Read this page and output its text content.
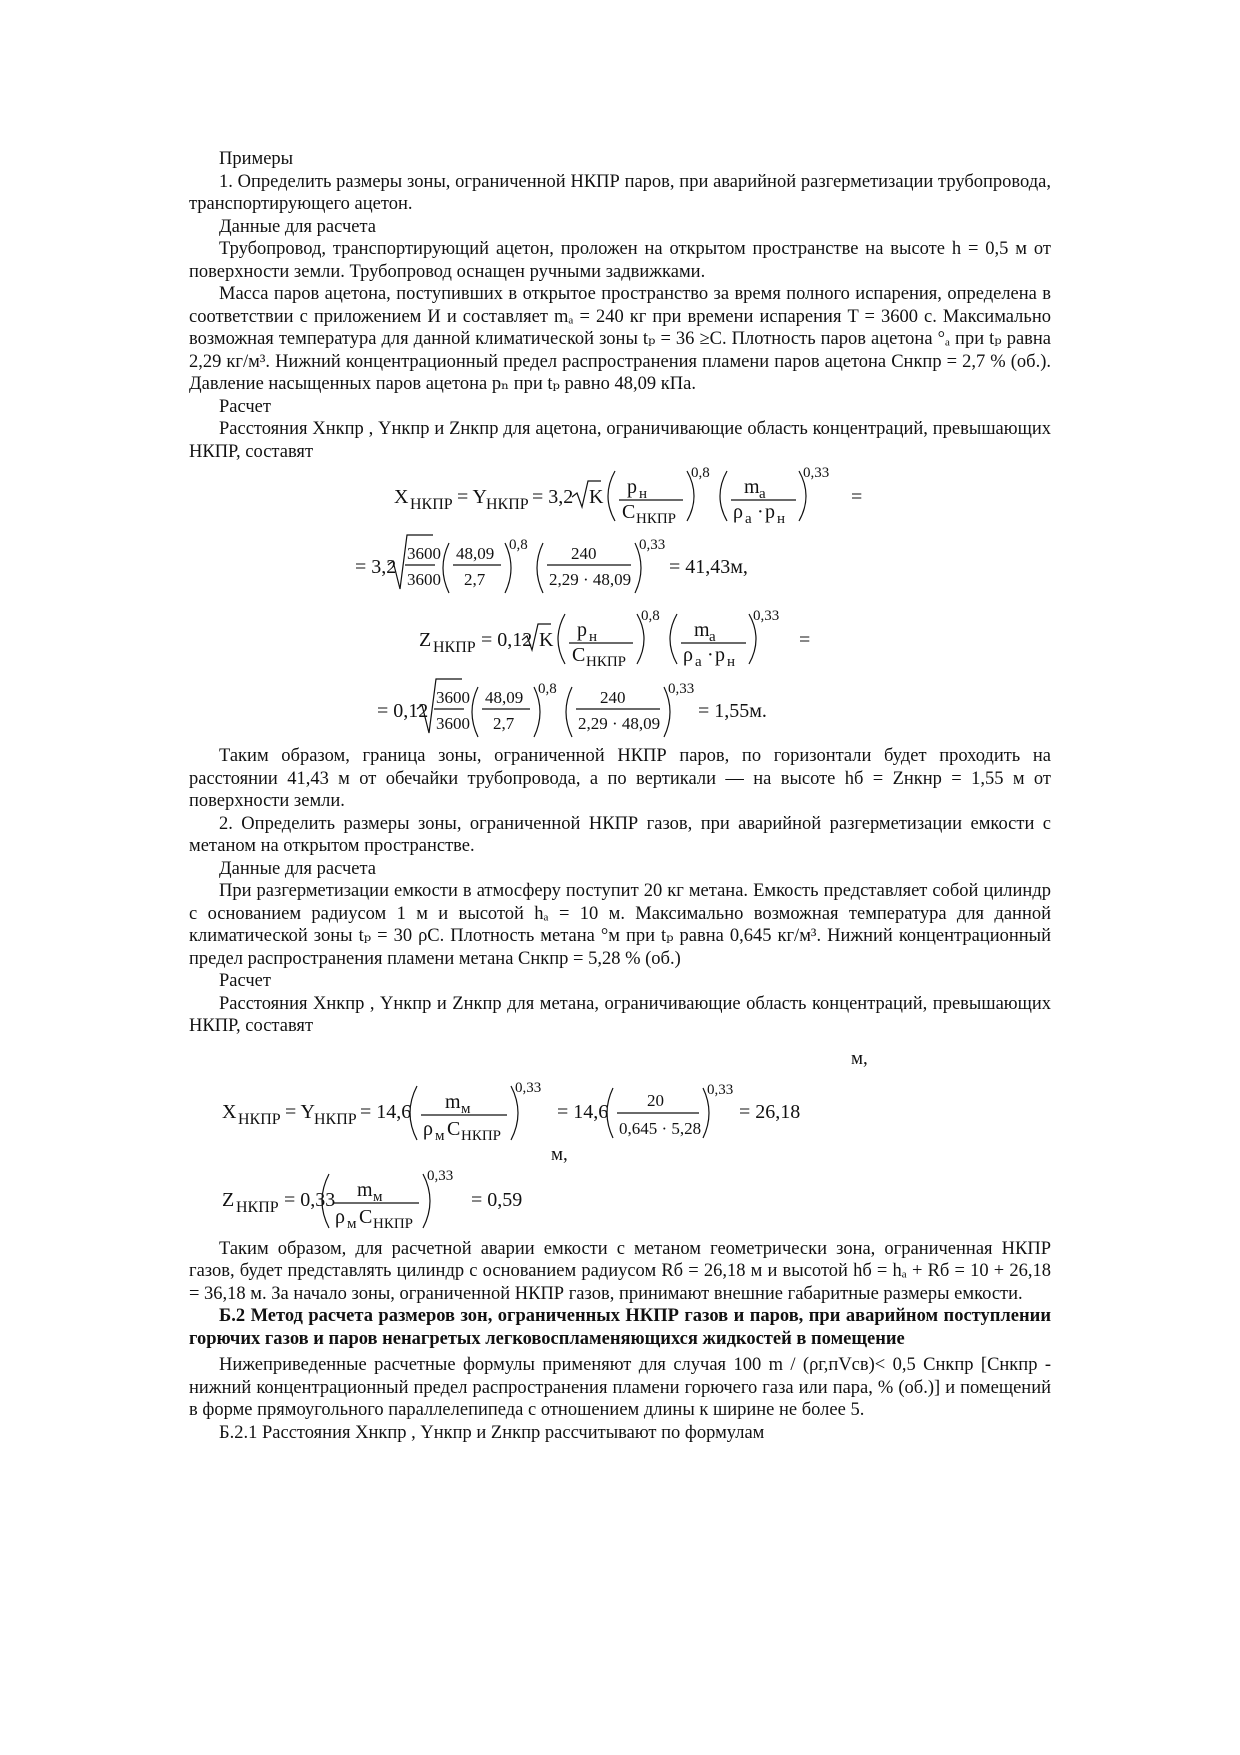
Примеры

1. Определить размеры зоны, ограниченной НКПР паров, при аварийной разгерметизации трубопровода, транспортирующего ацетон.

Данные для расчета

Трубопровод, транспортирующий ацетон, проложен на открытом пространстве на высоте h = 0,5 м от поверхности земли. Трубопровод оснащен ручными задвижками.

Масса паров ацетона, поступивших в открытое пространство за время полного испарения, определена в соответствии с приложением И и составляет mₐ = 240 кг при времени испарения T = 3600 с. Максимально возможная температура для данной климатической зоны tₚ = 36 ≥C. Плотность паров ацетона °ₐ при tₚ равна 2,29 кг/м³. Нижний концентрационный предел распространения пламени паров ацетона Cнкпр = 2,7 % (об.). Давление насыщенных паров ацетона pₙ при tₚ равно 48,09 кПа.

Расчет

Расстояния Xнкпр , Yнкпр и Zнкпр для ацетона, ограничивающие область концентраций, превышающих НКПР, составят

X НКПР = Y НКПР = 3,2 K p н
C НКПР
0,8
m а
ρ а · p н
0,33
=
= 3,2
3600
3600
48,09
2,7
0,8	240
2,29 · 48,09
0,33
= 41,43м,
Z НКПР = 0,12 K p н
C НКПР
0,8
m а
ρ а · p н
0,33
=
= 0,12
3600
3600
48,09
2,7
0,8	240
2,29 · 48,09
0,33
= 1,55м.

Таким образом, граница зоны, ограниченной НКПР паров, по горизонтали будет проходить на расстоянии 41,43 м от обечайки трубопровода, а по вертикали — на высоте hб = Zнкнр = 1,55 м от поверхности земли.

2. Определить размеры зоны, ограниченной НКПР газов, при аварийной разгерметизации емкости с метаном на открытом пространстве.

Данные для расчета

При разгерметизации емкости в атмосферу поступит 20 кг метана. Емкость представляет собой цилиндр с основанием радиусом 1 м и высотой hₐ = 10 м. Максимально возможная температура для данной климатической зоны tₚ = 30 ρC. Плотность метана °м при tₚ равна 0,645 кг/м³. Нижний концентрационный предел распространения пламени метана Cнкпр = 5,28 % (об.)

Расчет

Расстояния Xнкпр , Yнкпр и Zнкпр для метана, ограничивающие область концентраций, превышающих НКПР, составят

м,
X НКПР = Y НКПР = 14,6 m м
ρ м C НКПР
0,33
= 14,6
20
0,645 · 5,28
0,33
= 26,18
м,
Z НКПР = 0,33 m м
ρ м C НКПР
0,33
= 0,59

Таким образом, для расчетной аварии емкости с метаном геометрически зона, ограниченная НКПР газов, будет представлять цилиндр с основанием радиусом Rб = 26,18 м и высотой hб = hₐ + Rб = 10 + 26,18 = 36,18 м. За начало зоны, ограниченной НКПР газов, принимают внешние габаритные размеры емкости.

Б.2 Метод расчета размеров зон, ограниченных НКПР газов и паров, при аварийном поступлении горючих газов и паров ненагретых легковоспламеняющихся жидкостей в помещение

Нижеприведенные расчетные формулы применяют для случая 100 m / (ρг,пVсв)< 0,5 Cнкпр [Cнкпр - нижний концентрационный предел распространения пламени горючего газа или пара, % (об.)] и помещений в форме прямоугольного параллелепипеда с отношением длины к ширине не более 5.

Б.2.1 Расстояния Xнкпр , Yнкпр и Zнкпр рассчитывают по формулам
